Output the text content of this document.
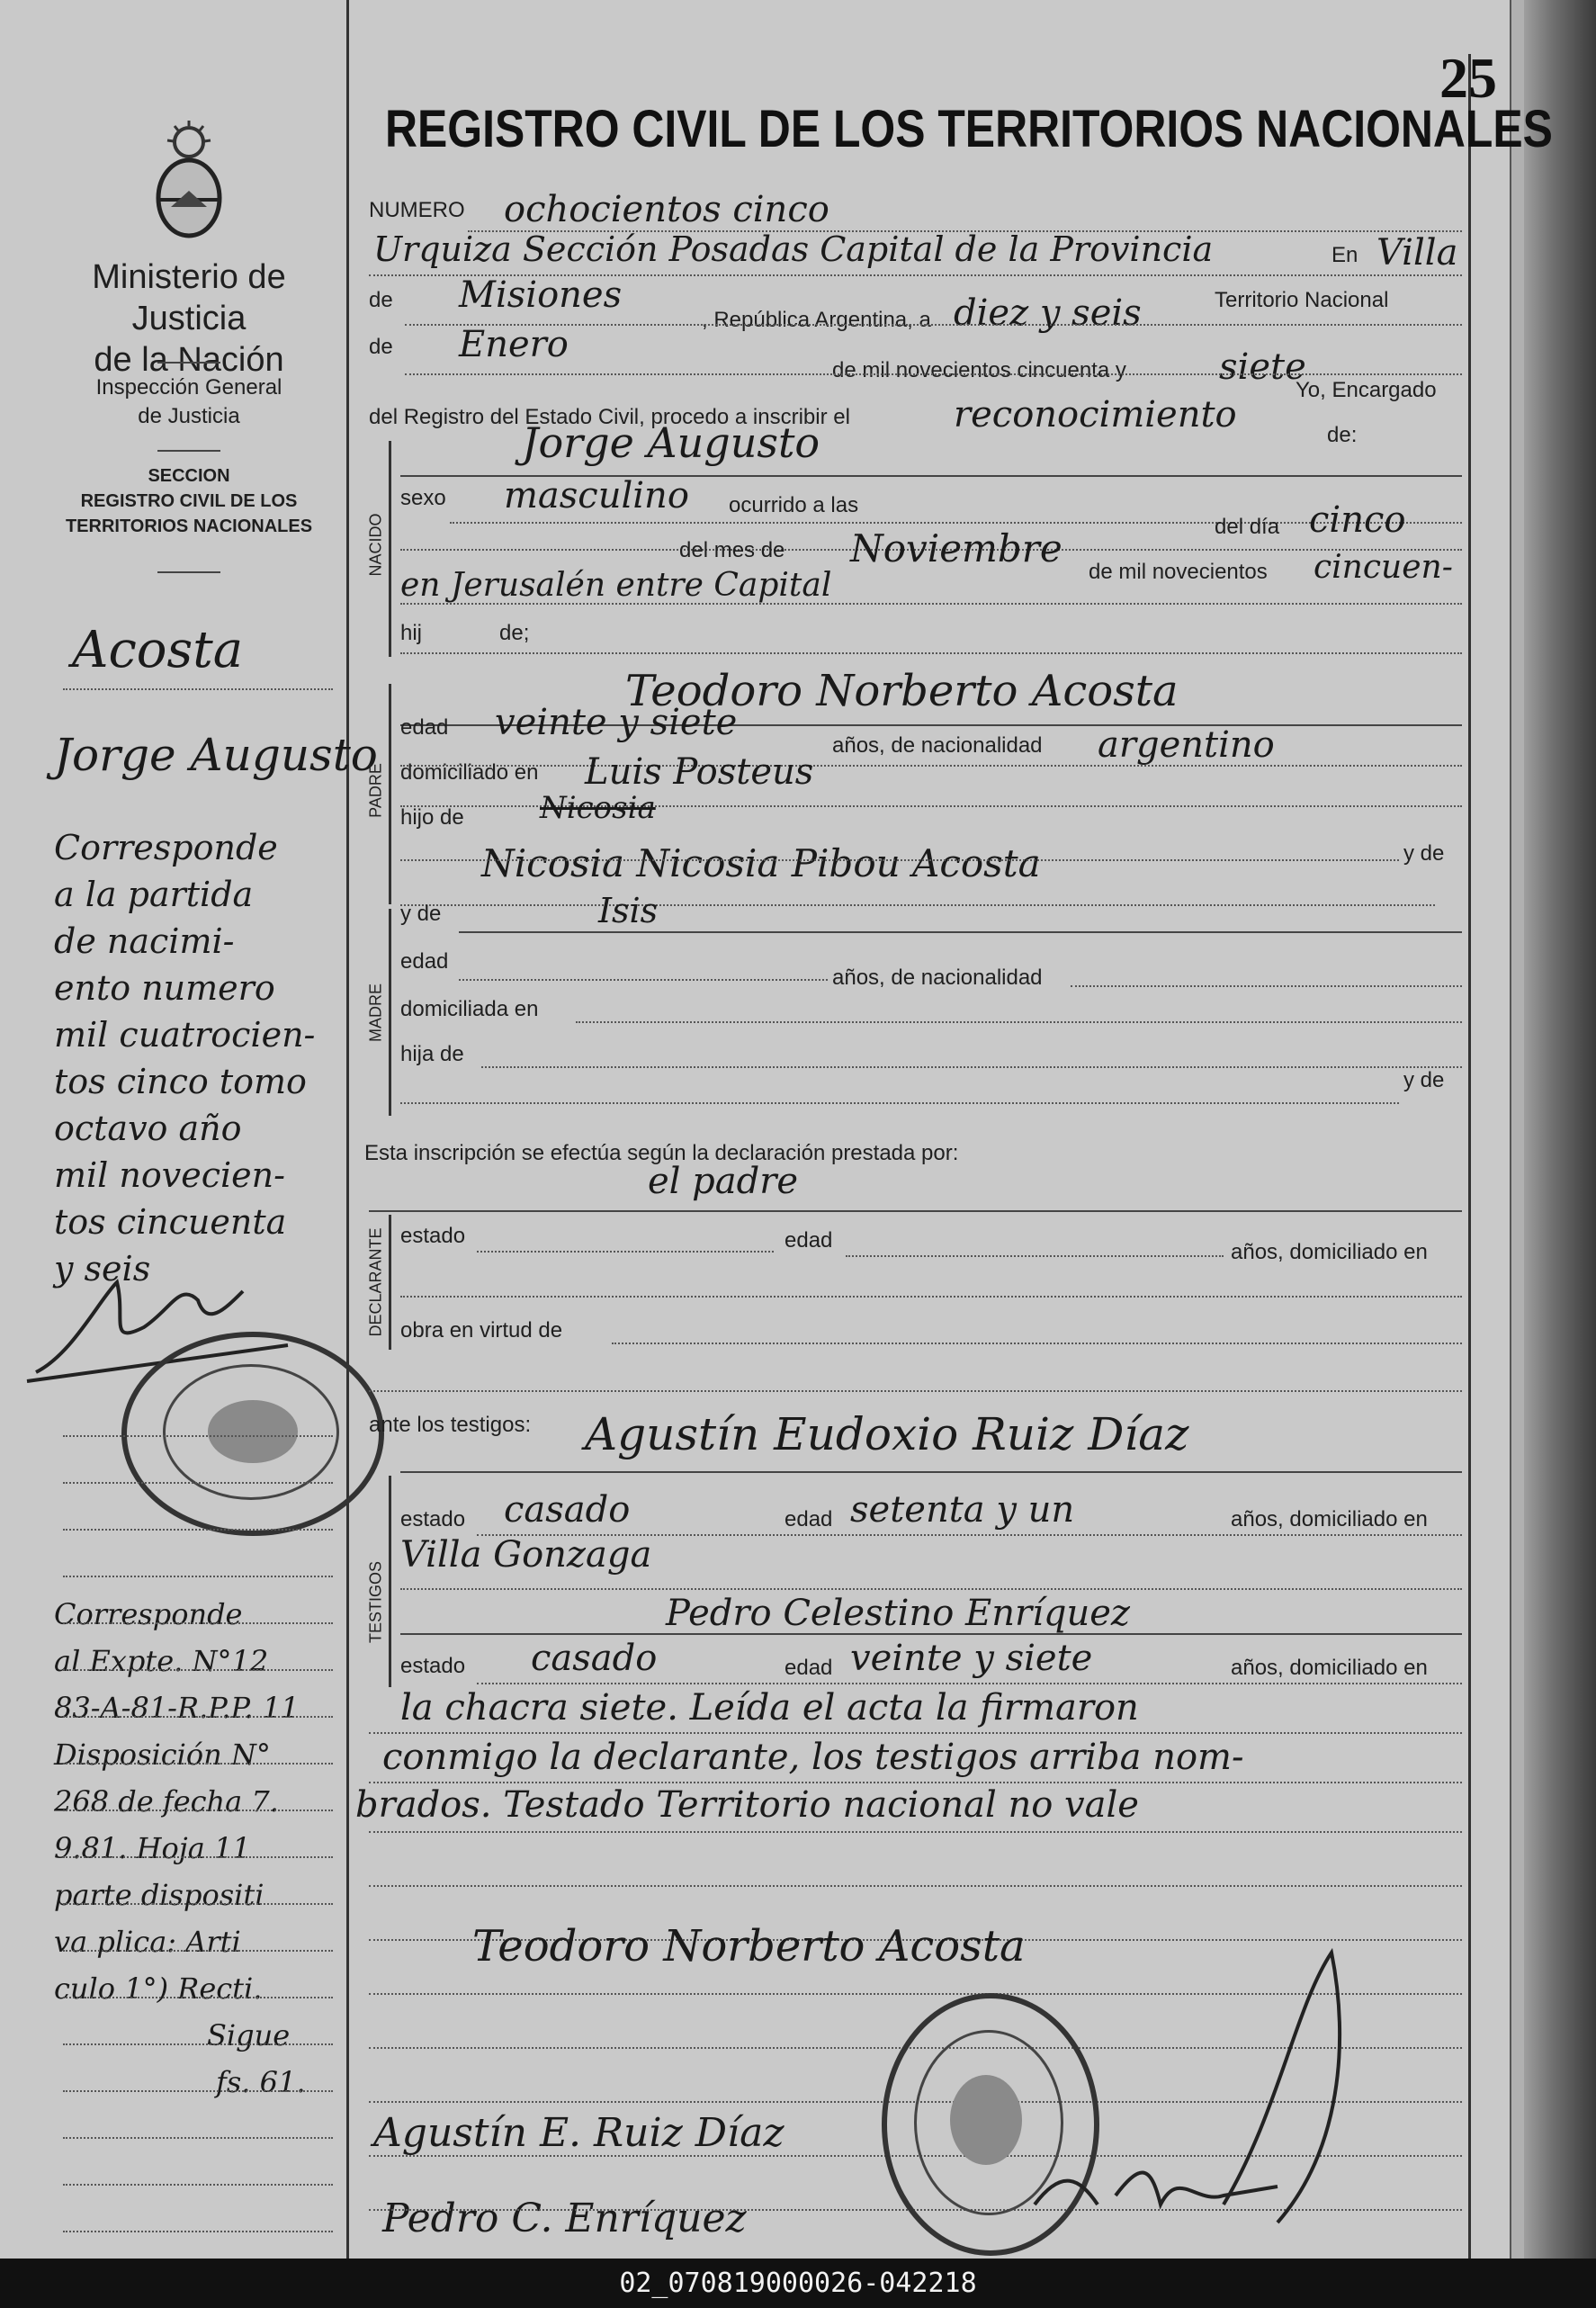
25
Ministerio de Justicia
de la Nación
Inspección General
de Justicia
SECCION
REGISTRO CIVIL DE LOS
TERRITORIOS NACIONALES
Acosta
Jorge Augusto
Corresponde
a la partida
de nacimi-
ento numero
mil cuatrocien-
tos cinco tomo
octavo año
mil novecien-
tos cincuenta
y seis
Corresponde
al Expte. N°12
83-A-81-R.P.P. 11
Disposición N°
268 de fecha 7.
9.81. Hoja 11
parte dispositi
va plica: Arti
culo 1°) Recti.
Sigue
fs. 61.
REGISTRO CIVIL DE LOS TERRITORIOS NACIONALES
NUMERO ochocientos cinco
Urquiza Sección Posadas Capital de la Provincia	En Villa
de Misiones
, República Argentina, a diez y seis	Territorio Nacional
de Enero
de mil novecientos cincuenta y	siete
Yo, Encargado
del Registro del Estado Civil, procedo a inscribir el	reconocimiento	de:
NACIDO
Jorge Augusto
sexo masculino ocurrido a las
del día cinco
del mes de Noviembre
de mil novecientos cincuen-
en Jerusalén entre Capital
hij	de;
PADRE
Teodoro Norberto Acosta
edad veinte y siete
años, de nacionalidad argentino
domiciliado en Luis Posteus
hijo de Nicosia
Nicosia Nicosia Pibou Acosta	y de
MADRE
y de	Isis
edad
años, de nacionalidad
domiciliada en
hija de
y de
Esta inscripción se efectúa según la declaración prestada por:
el padre
DECLARANTE estado	edad	años, domiciliado en
obra en virtud de
ante los testigos: Agustín Eudoxio Ruiz Díaz
TESTIGOS
estado casado	edad setenta y un	años, domiciliado en
Villa Gonzaga
Pedro Celestino Enríquez
estado casado	edad veinte y siete	años, domiciliado en
la chacra siete. Leída el acta la firmaron
conmigo la declarante, los testigos arriba nom-
brados. Testado Territorio nacional no vale
Teodoro Norberto Acosta
Agustín E. Ruiz Díaz
Pedro C. Enríquez
02_070819000026-042218
